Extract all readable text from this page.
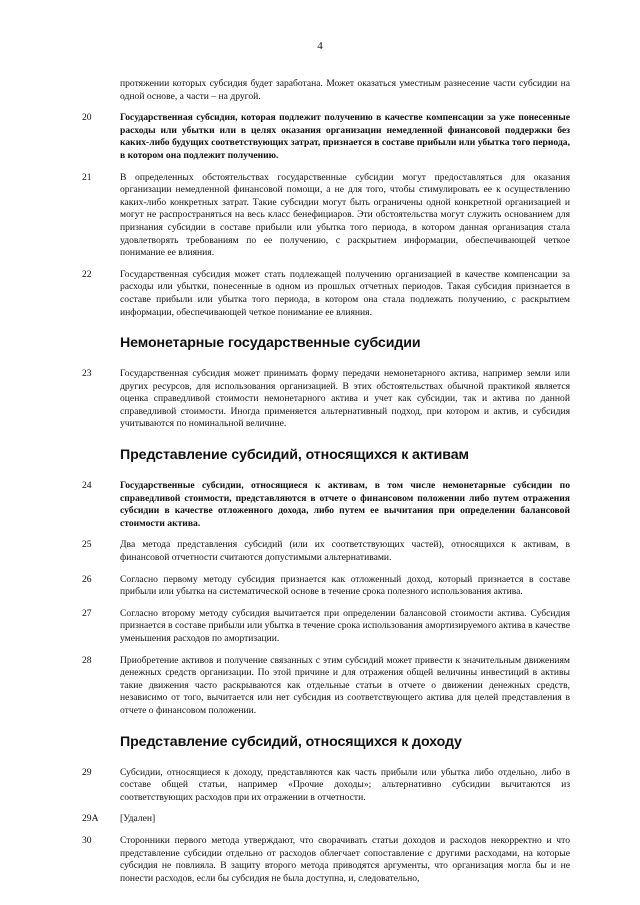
4
протяжении которых субсидия будет заработана. Может оказаться уместным разнесение части субсидии на одной основе, а части – на другой.
20	Государственная субсидия, которая подлежит получению в качестве компенсации за уже понесенные расходы или убытки или в целях оказания организации немедленной финансовой поддержки без каких-либо будущих соответствующих затрат, признается в составе прибыли или убытка того периода, в котором она подлежит получению.
21	В определенных обстоятельствах государственные субсидии могут предоставляться для оказания организации немедленной финансовой помощи, а не для того, чтобы стимулировать ее к осуществлению каких-либо конкретных затрат. Такие субсидии могут быть ограничены одной конкретной организацией и могут не распространяться на весь класс бенефициаров. Эти обстоятельства могут служить основанием для признания субсидии в составе прибыли или убытка того периода, в котором данная организация стала удовлетворять требованиям по ее получению, с раскрытием информации, обеспечивающей четкое понимание ее влияния.
22	Государственная субсидия может стать подлежащей получению организацией в качестве компенсации за расходы или убытки, понесенные в одном из прошлых отчетных периодов. Такая субсидия признается в составе прибыли или убытка того периода, в котором она стала подлежать получению, с раскрытием информации, обеспечивающей четкое понимание ее влияния.
Немонетарные государственные субсидии
23	Государственная субсидия может принимать форму передачи немонетарного актива, например земли или других ресурсов, для использования организацией. В этих обстоятельствах обычной практикой является оценка справедливой стоимости немонетарного актива и учет как субсидии, так и актива по данной справедливой стоимости. Иногда применяется альтернативный подход, при котором и актив, и субсидия учитываются по номинальной величине.
Представление субсидий, относящихся к активам
24	Государственные субсидии, относящиеся к активам, в том числе немонетарные субсидии по справедливой стоимости, представляются в отчете о финансовом положении либо путем отражения субсидии в качестве отложенного дохода, либо путем ее вычитания при определении балансовой стоимости актива.
25	Два метода представления субсидий (или их соответствующих частей), относящихся к активам, в финансовой отчетности считаются допустимыми альтернативами.
26	Согласно первому методу субсидия признается как отложенный доход, который признается в составе прибыли или убытка на систематической основе в течение срока полезного использования актива.
27	Согласно второму методу субсидия вычитается при определении балансовой стоимости актива. Субсидия признается в составе прибыли или убытка в течение срока использования амортизируемого актива в качестве уменьшения расходов по амортизации.
28	Приобретение активов и получение связанных с этим субсидий может привести к значительным движениям денежных средств организации. По этой причине и для отражения общей величины инвестиций в активы такие движения часто раскрываются как отдельные статьи в отчете о движении денежных средств, независимо от того, вычитается или нет субсидия из соответствующего актива для целей представления в отчете о финансовом положении.
Представление субсидий, относящихся к доходу
29	Субсидии, относящиеся к доходу, представляются как часть прибыли или убытка либо отдельно, либо в составе общей статьи, например «Прочие доходы»; альтернативно субсидии вычитаются из соответствующих расходов при их отражении в отчетности.
29A	[Удален]
30	Сторонники первого метода утверждают, что сворачивать статьи доходов и расходов некорректно и что представление субсидии отдельно от расходов облегчает сопоставление с другими расходами, на которые субсидия не повлияла. В защиту второго метода приводятся аргументы, что организация могла бы и не понести расходов, если бы субсидия не была доступна, и, следовательно,
